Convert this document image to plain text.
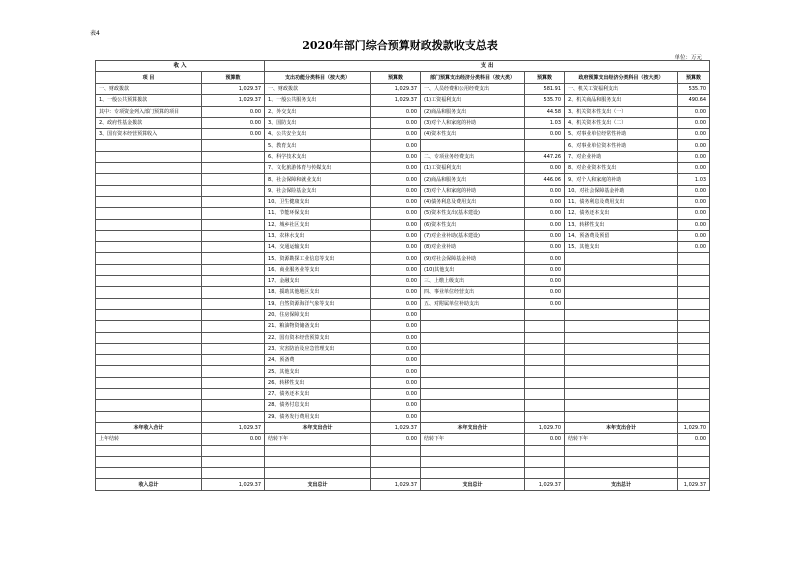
表4
2020年部门综合预算财政拨款收支总表
单位：万元
收 入		支 出					
项 目	预算数	支出功能分类科目（按大类）	预算数	部门预算支出经济分类科目（按大类）	预算数	政府预算支出经济分类科目（按大类）	预算数
一、财政拨款	1,029.37	一、财政拨款	1,029.37	一、人员经费和公用经费支出	581.91	一、机关工资福利支出	535.70
1、一般公共预算拨款	1,029.37	1、一般公共服务支出	1,029.37	(1)工资福利支出	535.70	2、机关商品和服务支出	490.64
其中：专项资金列入部门预算的项目	0.00	2、外交支出	0.00	(2)商品和服务支出	44.58	3、机关资本性支出（一）	0.00
2、政府性基金拨款	0.00	3、国防支出	0.00	(3)对个人和家庭的补助	1.03	4、机关资本性支出（二）	0.00
3、国有资本经营预算收入	0.00	4、公共安全支出	0.00	(4)资本性支出	0.00	5、对事业单位经常性补助	0.00
		5、教育支出	0.00			6、对事业单位资本性补助	0.00
		6、科学技术支出	0.00	二、专项业务经费支出	447.26	7、对企业补助	0.00
		7、文化旅游体育与传媒支出	0.00	(1)工资福利支出	0.00	8、对企业资本性支出	0.00
		8、社会保障和就业支出	0.00	(2)商品和服务支出	446.06	9、对个人和家庭的补助	1.03
		9、社会保险基金支出	0.00	(3)对个人和家庭的补助	0.00	10、对社会保障基金补助	0.00
		10、卫生健康支出	0.00	(4)债务利息及费用支出	0.00	11、债务利息及费用支出	0.00
		11、节能环保支出	0.00	(5)资本性支出(基本建设)	0.00	12、债务还本支出	0.00
		12、城乡社区支出	0.00	(6)资本性支出	0.00	13、转移性支出	0.00
		13、农林水支出	0.00	(7)对企业补助(基本建设)	0.00	14、预备费及预留	0.00
		14、交通运输支出	0.00	(8)对企业补助	0.00	15、其他支出	0.00
		15、资源勘探工业信息等支出	0.00	(9)对社会保障基金补助	0.00		
		16、商业服务业等支出	0.00	(10)其他支出	0.00		
		17、金融支出	0.00	三、上缴上级支出	0.00		
		18、援助其他地区支出	0.00	四、事业单位经营支出	0.00		
		19、自然资源海洋气象等支出	0.00	五、对附属单位补助支出	0.00		
		20、住房保障支出	0.00				
		21、粮油物资储备支出	0.00				
		22、国有资本经营预算支出	0.00				
		23、灾害防治及应急管理支出	0.00				
		24、预备费	0.00				
		25、其他支出	0.00				
		26、转移性支出	0.00				
		27、债务还本支出	0.00				
		28、债务付息支出	0.00				
		29、债务发行费用支出	0.00				
本年收入合计	1,029.37	本年支出合计	1,029.37	本年支出合计	1,029.70	本年支出合计	1,029.70
上年结转	0.00	结转下年	0.00	结转下年	0.00	结转下年	0.00

收入总计	1,029.37	支出总计	1,029.37	支出总计	1,029.37	支出总计	1,029.37
